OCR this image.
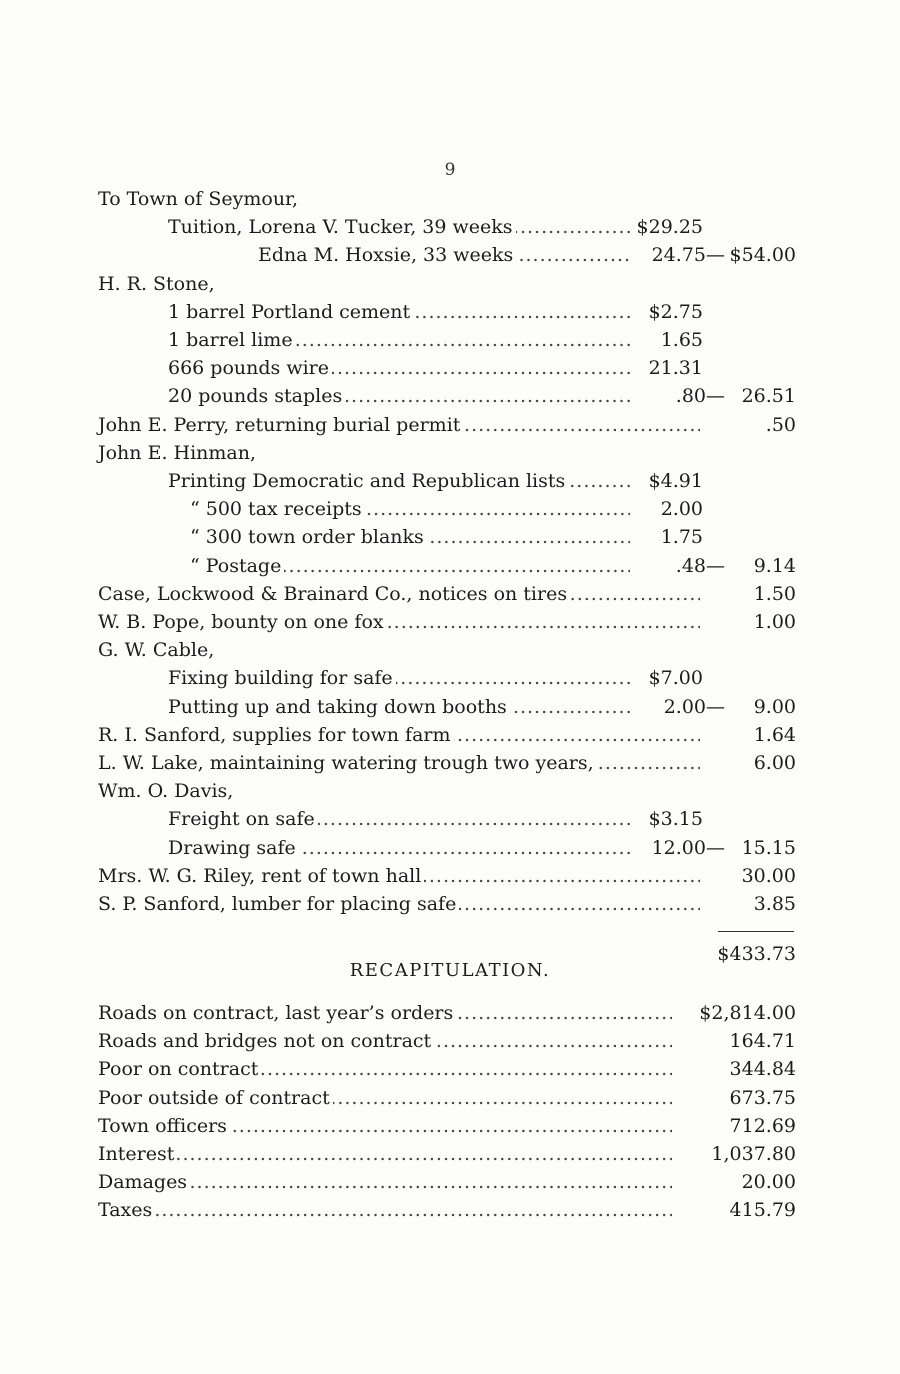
9
To Town of Seymour,
.....
Tuition, Lorena V. Tucker, 39 weeks	$29.25
.....
Edna M. Hoxsie, 33 weeks	24.75— $54.00
H. R. Stone,
.....
1 barrel Portland cement	$2.75
.....
1 barrel lime	1.65
.....
666 pounds wire	21.31
.....
20 pounds staples	.80— 26.51
.....
John E. Perry, returning burial permit	.50
John E. Hinman,
.....
Printing Democratic and Republican lists	$4.91
.....
“ 500 tax receipts	2.00
.....
“ 300 town order blanks	1.75
.....
“ Postage	.48— 9.14
.....
Case, Lockwood & Brainard Co., notices on tires	1.50
.....
W. B. Pope, bounty on one fox	1.00
G. W. Cable,
.....
Fixing building for safe	$7.00
.....
Putting up and taking down booths	2.00— 9.00
.....
R. I. Sanford, supplies for town farm	1.64
.....
L. W. Lake, maintaining watering trough two years,	6.00
Wm. O. Davis,
.....
Freight on safe	$3.15
.....
Drawing safe	12.00— 15.15
.....
Mrs. W. G. Riley, rent of town hall	30.00
.....
S. P. Sanford, lumber for placing safe	3.85
$433.73
RECAPITULATION.
.....
Roads on contract, last year’s orders	$2,814.00
.....
Roads and bridges not on contract	164.71
.....
Poor on contract	344.84
.....
Poor outside of contract	673.75
.....
Town officers	712.69
.....
Interest	1,037.80
.....
Damages	20.00
.....
Taxes	415.79
